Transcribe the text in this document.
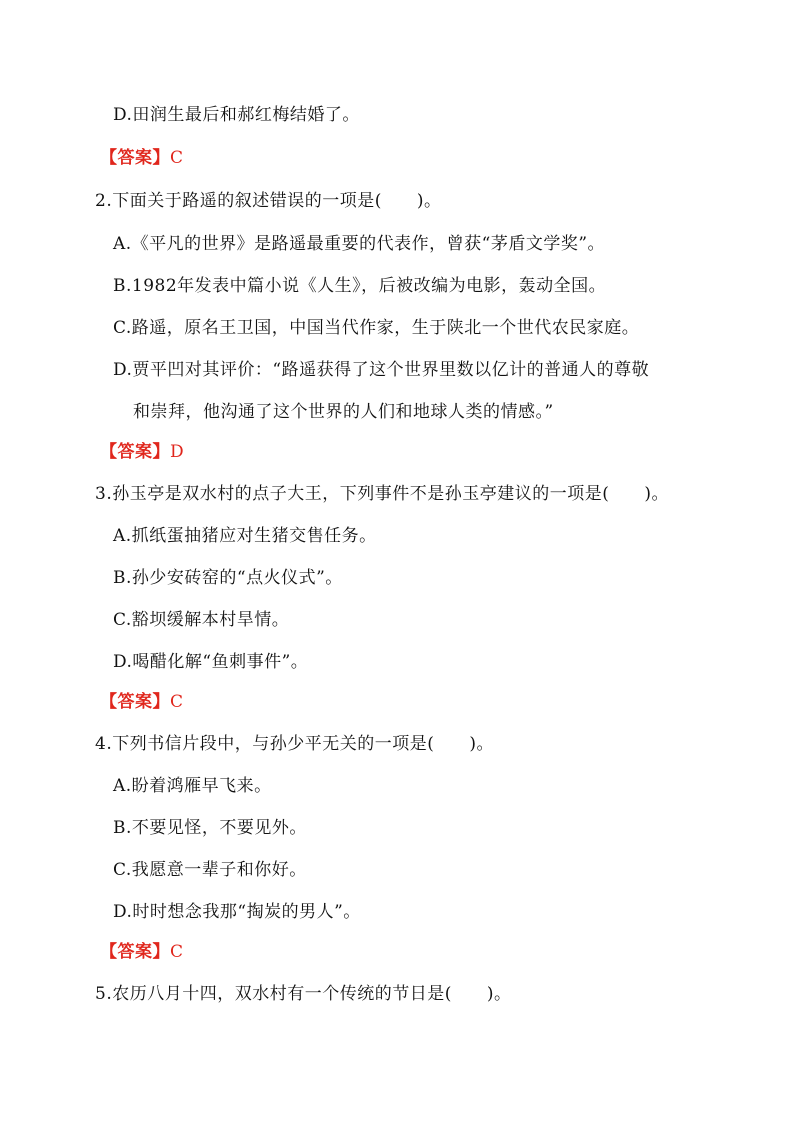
D.田润生最后和郝红梅结婚了。
【答案】C
2.下面关于路遥的叙述错误的一项是(　　)。
A.《平凡的世界》是路遥最重要的代表作，曾获“茅盾文学奖”。
B.1982年发表中篇小说《人生》，后被改编为电影，轰动全国。
C.路遥，原名王卫国，中国当代作家，生于陕北一个世代农民家庭。
D.贾平凹对其评价：“路遥获得了这个世界里数以亿计的普通人的尊敬
和崇拜，他沟通了这个世界的人们和地球人类的情感。”
【答案】D
3.孙玉亭是双水村的点子大王，下列事件不是孙玉亭建议的一项是(　　)。
A.抓纸蛋抽猪应对生猪交售任务。
B.孙少安砖窑的“点火仪式”。
C.豁坝缓解本村旱情。
D.喝醋化解“鱼刺事件”。
【答案】C
4.下列书信片段中，与孙少平无关的一项是(　　)。
A.盼着鸿雁早飞来。
B.不要见怪，不要见外。
C.我愿意一辈子和你好。
D.时时想念我那“掏炭的男人”。
【答案】C
5.农历八月十四，双水村有一个传统的节日是(　　)。
